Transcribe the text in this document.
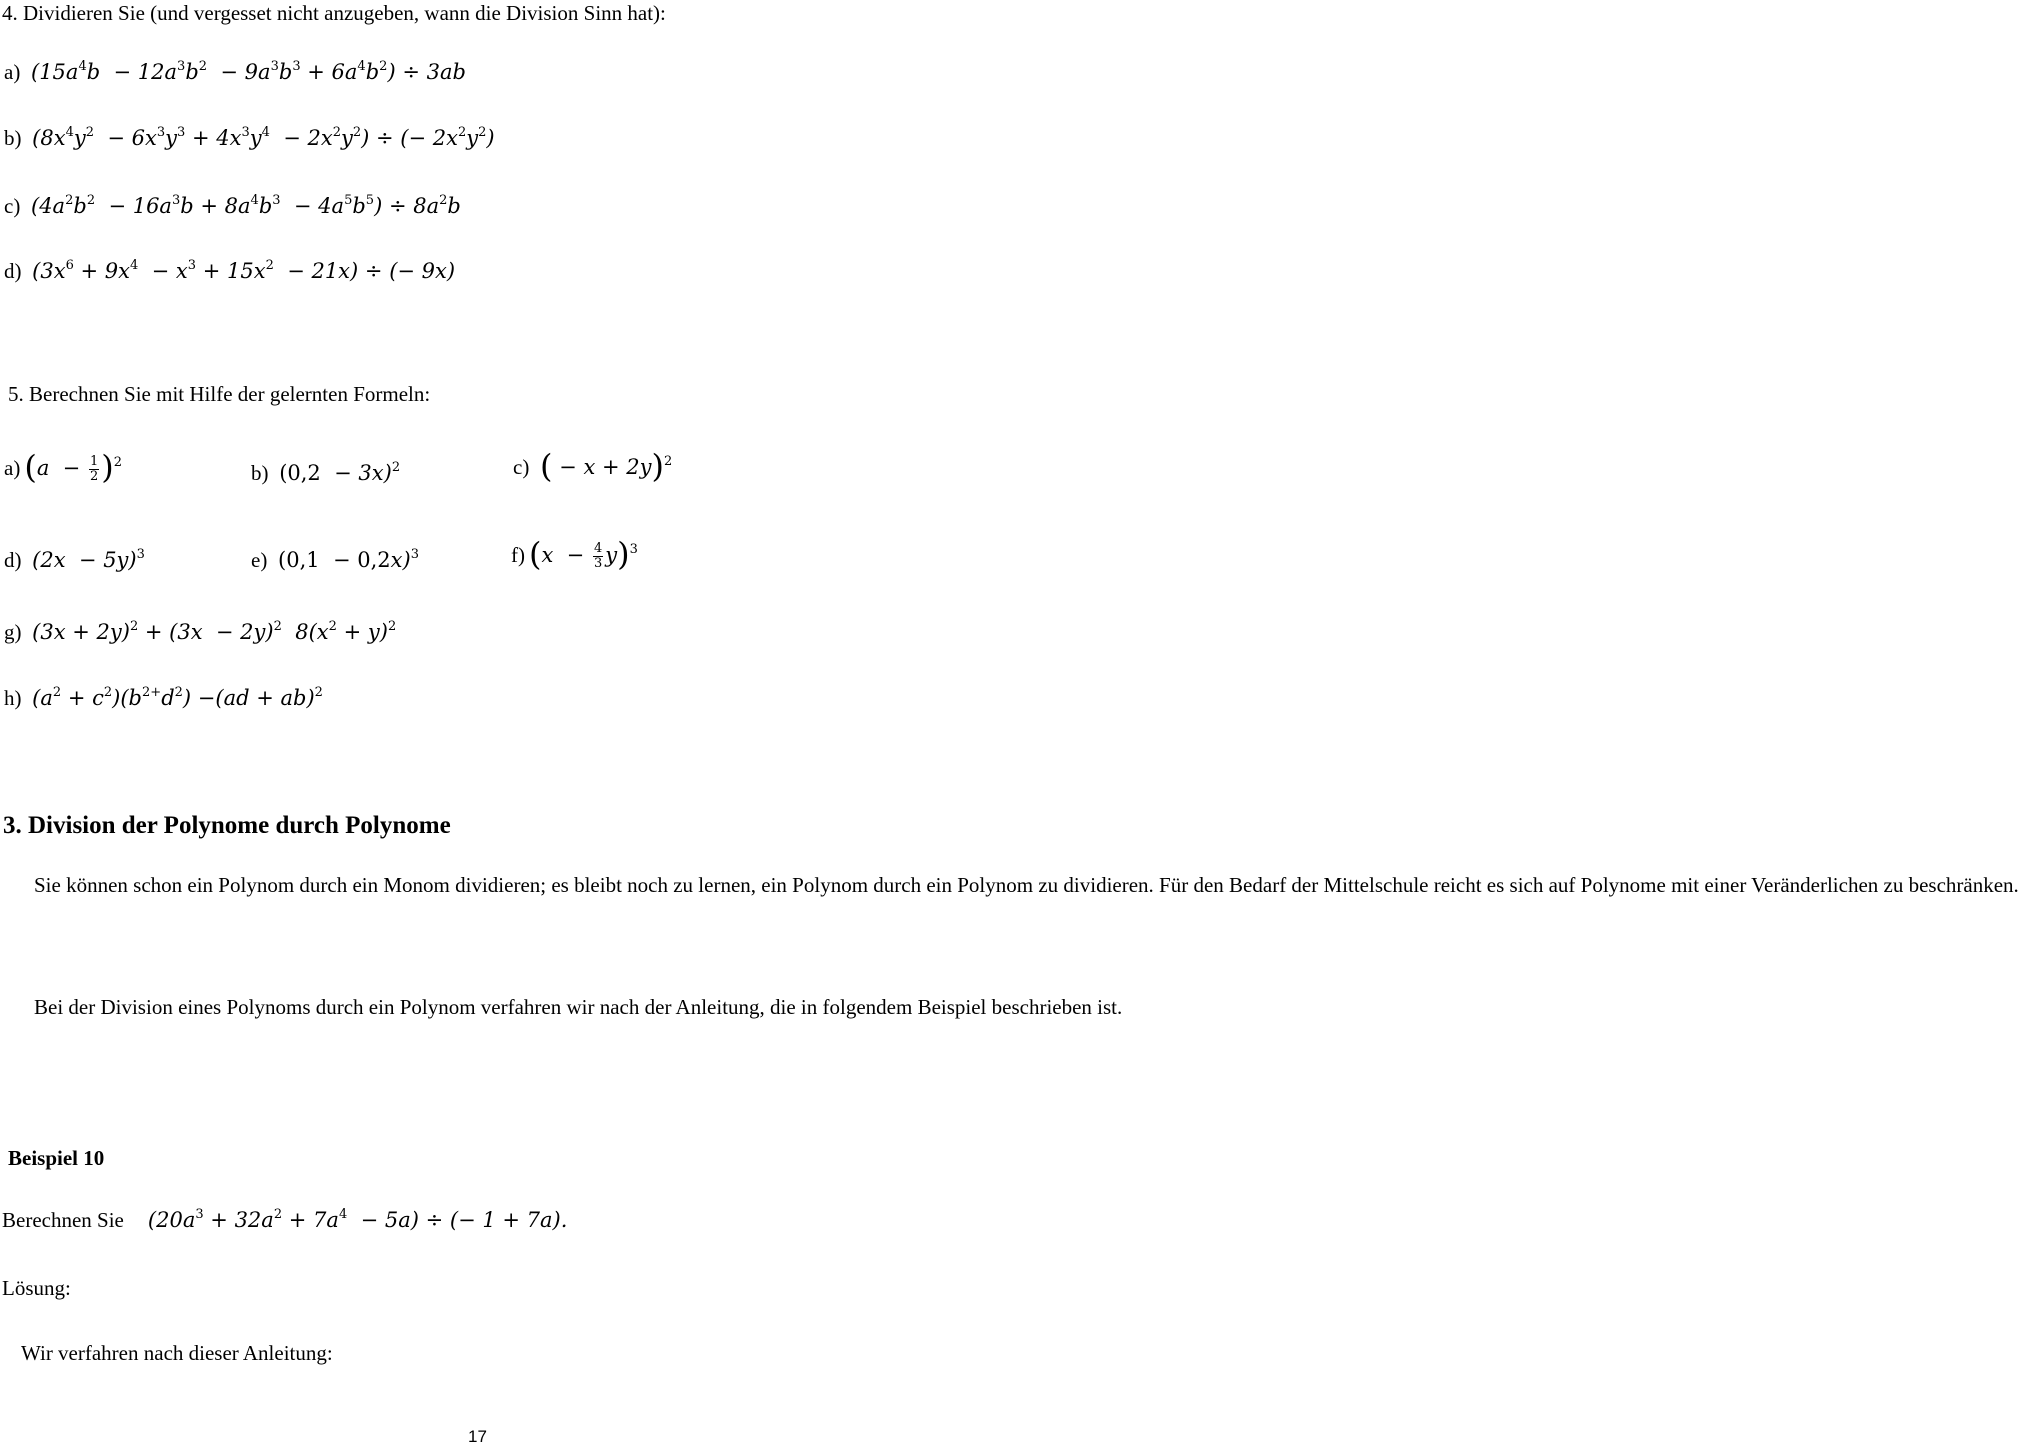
4. Dividieren Sie (und vergesset nicht anzugeben, wann die Division Sinn hat):
a)  $(15a^4b - 12a^3b^2 - 9a^3b^3 + 6a^4b^2) \div 3ab$
b)  $(8x^4y^2 - 6x^3y^3 + 4x^3y^4 - 2x^2y^2)$ ÷ (− $2x^2y^2$)
c)  $(4a^2b^2 - 16a^3b + 8a^4b^3 - 4a^5b^5) \div 8a^2b$
d)  $(3x^6 + 9x^4 - x^3 + 15x^2 - 21x)$ ÷ (− 9x)
5. Berechnen Sie mit Hilfe der gelernten Formeln:
a) $(a - \frac{1}{2} )^2$	b) $(0,2 - 3x)^2$	c) ( − x + 2y)$^2$
d)  $(2x - 5y)^3$	e) $(0,1 - 0,2x)^3$	f) $(x - \frac{4}{3} y)^3$
g)  $(3x + 2y)^2 + (3x - 2y)^2$  $8(x^2 + y)^2$
h)  $(a^2 + c^2)(b^{2+}d^2) -(ad + ab)^2$
3. Division der Polynome durch Polynome
Sie können schon ein Polynom durch ein Monom dividieren; es bleibt noch zu lernen, ein Polynom durch ein Polynom zu dividieren. Für den Bedarf der Mittelschule reicht es sich auf Polynome mit einer Veränderlichen zu beschränken.
Bei der Division eines Polynoms durch ein Polynom verfahren wir nach der Anleitung, die in folgendem Beispiel beschrieben ist.
Beispiel 10
Berechnen Sie    $(20a^3 + 32a^2 + 7a^4 - 5a)$ ÷ (− 1 + 7a).
Lösung:
Wir verfahren nach dieser Anleitung:
17
